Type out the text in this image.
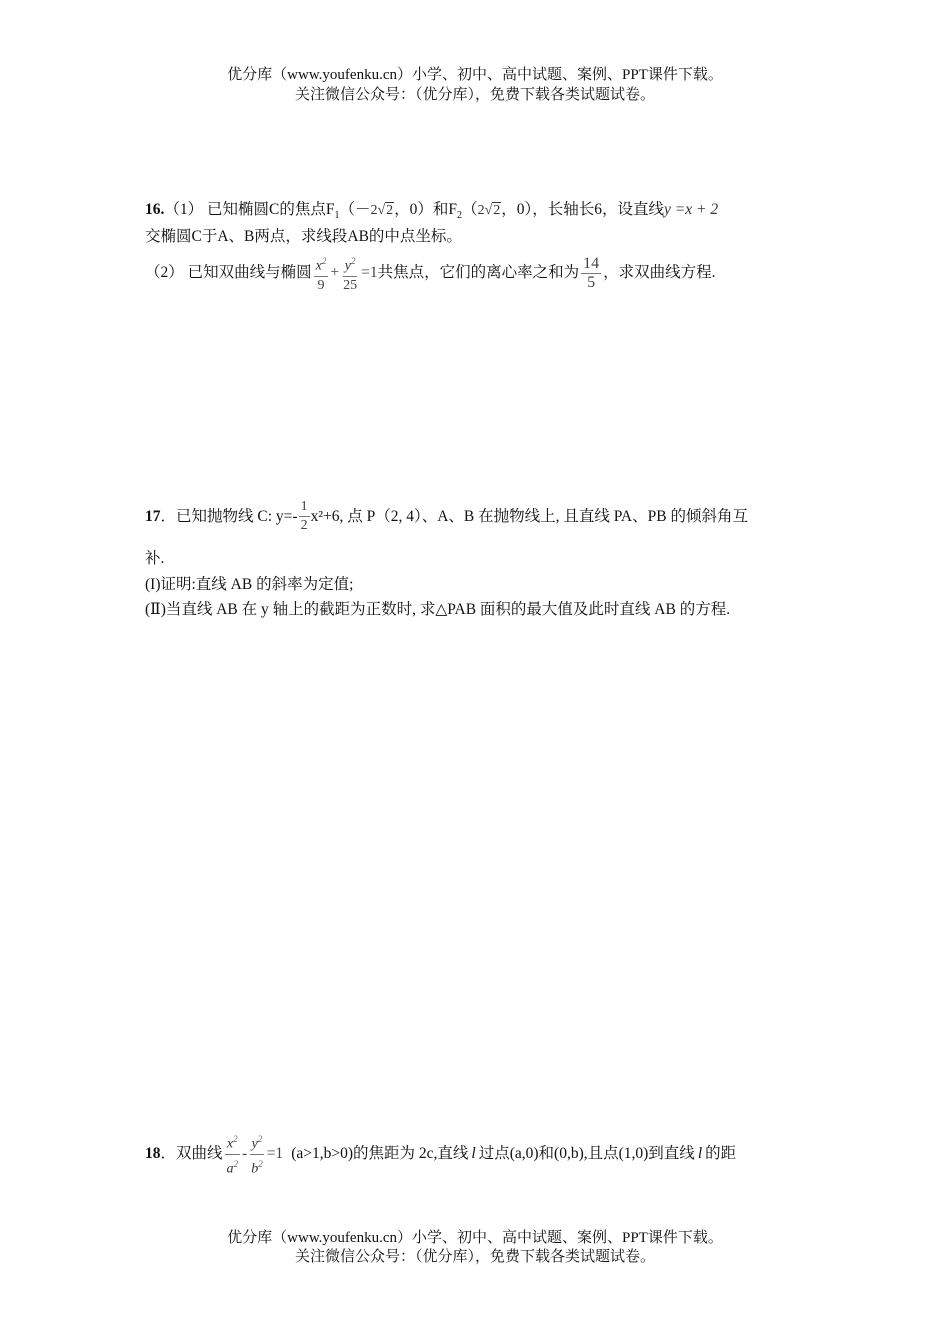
优分库（www.youfenku.cn）小学、初中、高中试题、案例、PPT课件下载。
关注微信公众号：（优分库），免费下载各类试题试卷。
16.（1） 已知椭圆C的焦点$F_1(-2√2$，0）和$F_2(2√2$，0），长轴长6，设直线y =x + 2
交椭圆C于A、B两点，求线段AB的中点坐标。
（2） 已知双曲线与椭圆 $\frac{x^2}{9} + \frac{y^2}{25} =1$ 共焦点，它们的离心率之和为 $\frac{14}{5}$ ，求双曲线方程.
17 ．已知抛物线 C: $y=- \frac{1}{2} x^2+6$, 点 P（2, 4）、A、B 在抛物线上, 且直线 PA、PB 的倾斜角互
补.
(I)证明:直线 AB 的斜率为定值;
(Ⅱ)当直线 AB 在 y 轴上的截距为正数时, 求△PAB 面积的最大值及此时直线 AB 的方程.
18 ．双曲线 $\frac{x^2}{a^2} - \frac{y^2}{b^2} =1$ (a>1,b>0)的焦距为 2c,直线 l 过点(a,0)和(0,b),且点(1,0)到直线 l 的距
优分库（www.youfenku.cn）小学、初中、高中试题、案例、PPT课件下载。
关注微信公众号：（优分库），免费下载各类试题试卷。
